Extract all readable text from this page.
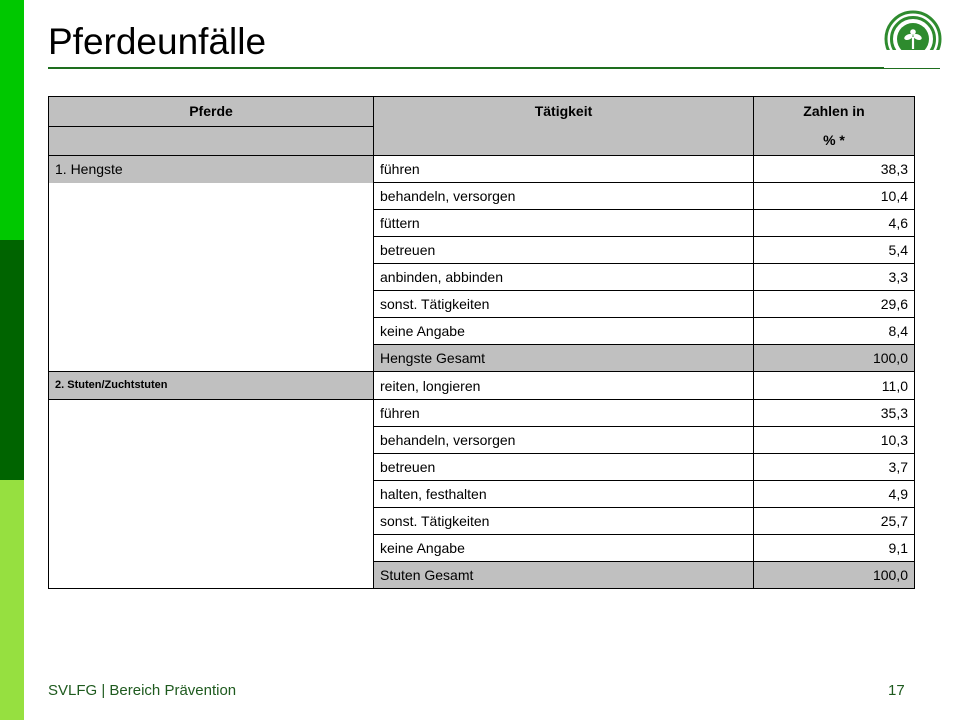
Pferdeunfälle
Pferde	Tätigkeit	Zahlen in
% *

1. Hengste	führen	38,3
	behandeln, versorgen	10,4
	füttern	4,6
	betreuen	5,4
	anbinden, abbinden	3,3
	sonst. Tätigkeiten	29,6
	keine Angabe	8,4
	Hengste Gesamt	100,0

2. Stuten/Zuchtstuten	reiten, longieren	11,0
	führen	35,3
	behandeln, versorgen	10,3
	betreuen	3,7
	halten, festhalten	4,9
	sonst. Tätigkeiten	25,7
	keine Angabe	9,1
	Stuten Gesamt	100,0
SVLFG | Bereich Prävention	17
